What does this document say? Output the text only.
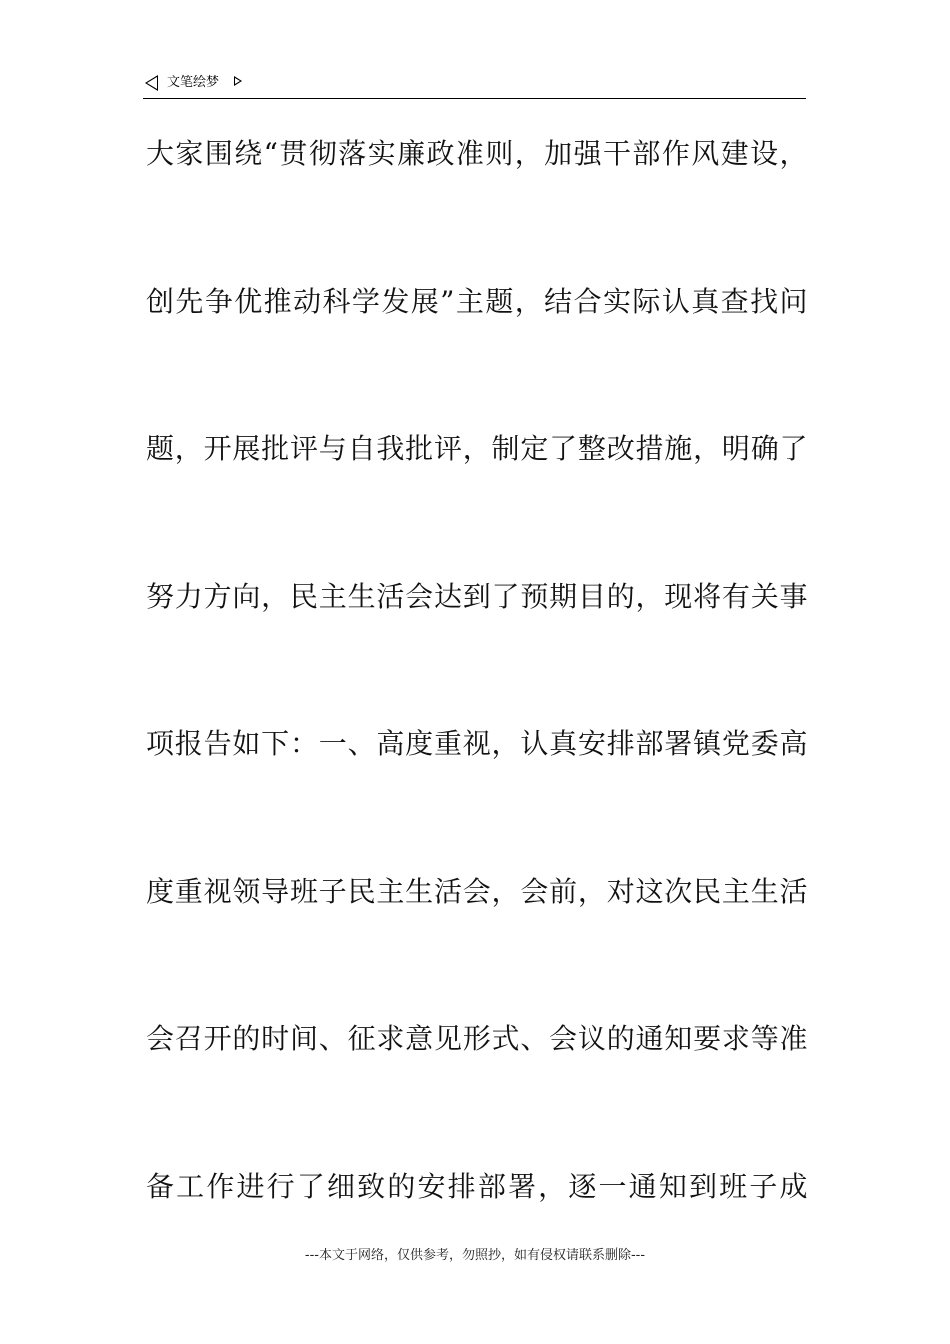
文笔绘梦
大家围绕“贯彻落实廉政准则，加强干部作风建设，
创先争优推动科学发展”主题，结合实际认真查找问
题，开展批评与自我批评，制定了整改措施，明确了
努力方向，民主生活会达到了预期目的，现将有关事
项报告如下：一、高度重视，认真安排部署镇党委高
度重视领导班子民主生活会，会前，对这次民主生活
会召开的时间、征求意见形式、会议的通知要求等准
备工作进行了细致的安排部署，逐一通知到班子成
---本文于网络，仅供参考，勿照抄，如有侵权请联系删除---
